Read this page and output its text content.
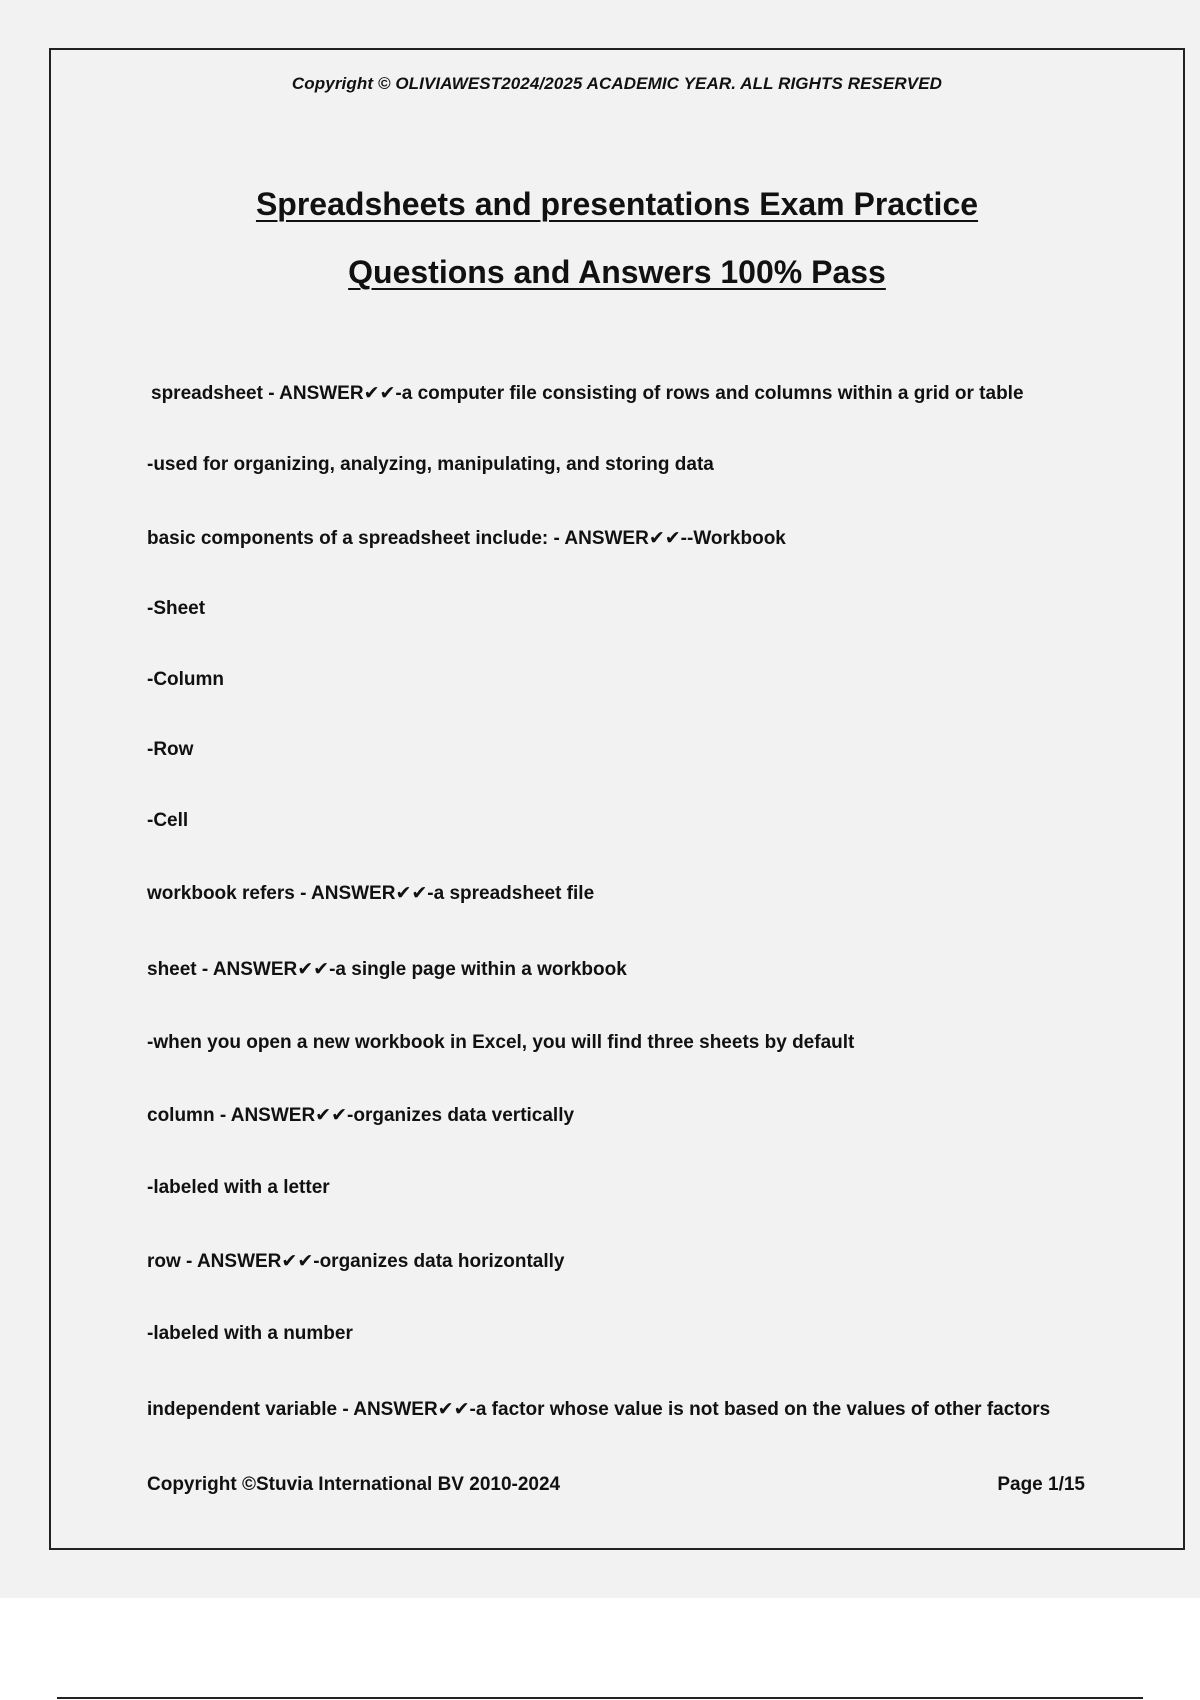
Copyright © OLIVIAWEST2024/2025 ACADEMIC YEAR. ALL RIGHTS RESERVED
Spreadsheets and presentations Exam Practice
Questions and Answers 100% Pass
spreadsheet - ANSWER✔✔-a computer file consisting of rows and columns within a grid or table
-used for organizing, analyzing, manipulating, and storing data
basic components of a spreadsheet include: - ANSWER✔✔--Workbook
-Sheet
-Column
-Row
-Cell
workbook refers - ANSWER✔✔-a spreadsheet file
sheet - ANSWER✔✔-a single page within a workbook
-when you open a new workbook in Excel, you will find three sheets by default
column - ANSWER✔✔-organizes data vertically
-labeled with a letter
row - ANSWER✔✔-organizes data horizontally
-labeled with a number
independent variable - ANSWER✔✔-a factor whose value is not based on the values of other factors
Copyright ©Stuvia International BV 2010-2024	Page 1/15
